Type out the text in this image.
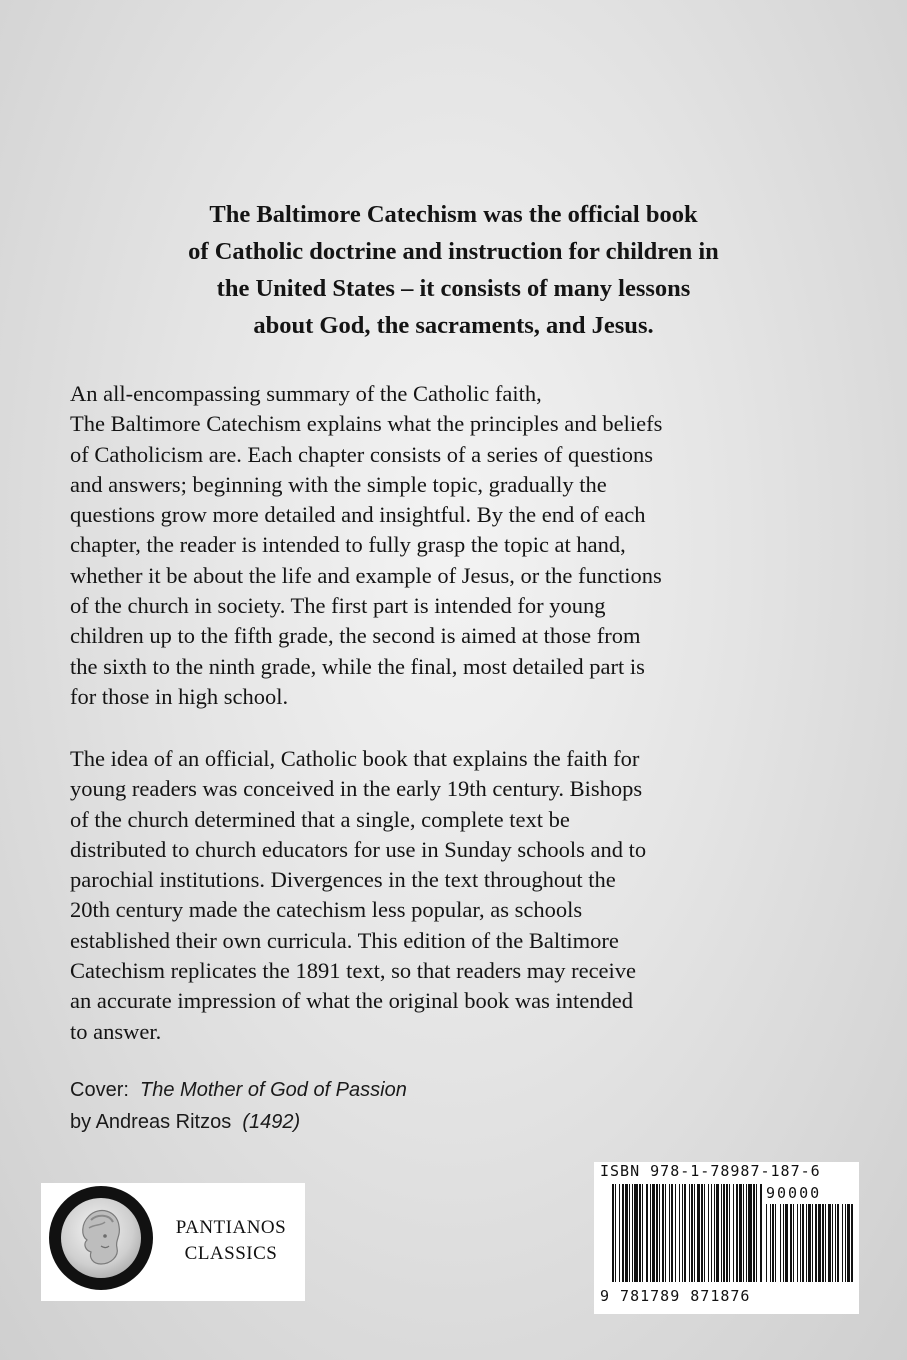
The Baltimore Catechism was the official book
of Catholic doctrine and instruction for children in
the United States – it consists of many lessons
about God, the sacraments, and Jesus.
An all-encompassing summary of the Catholic faith,
The Baltimore Catechism explains what the principles and beliefs
of Catholicism are. Each chapter consists of a series of questions
and answers; beginning with the simple topic, gradually the
questions grow more detailed and insightful. By the end of each
chapter, the reader is intended to fully grasp the topic at hand,
whether it be about the life and example of Jesus, or the functions
of the church in society. The first part is intended for young
children up to the fifth grade, the second is aimed at those from
the sixth to the ninth grade, while the final, most detailed part is
for those in high school.
The idea of an official, Catholic book that explains the faith for
young readers was conceived in the early 19th century. Bishops
of the church determined that a single, complete text be
distributed to church educators for use in Sunday schools and to
parochial institutions. Divergences in the text throughout the
20th century made the catechism less popular, as schools
established their own curricula. This edition of the Baltimore
Catechism replicates the 1891 text, so that readers may receive
an accurate impression of what the original book was intended
to answer.
Cover: The Mother of God of Passion
by Andreas Ritzos (1492)
PANTIANOS
CLASSICS
ISBN 978-1-78987-187-6
90000
9 781789 871876
